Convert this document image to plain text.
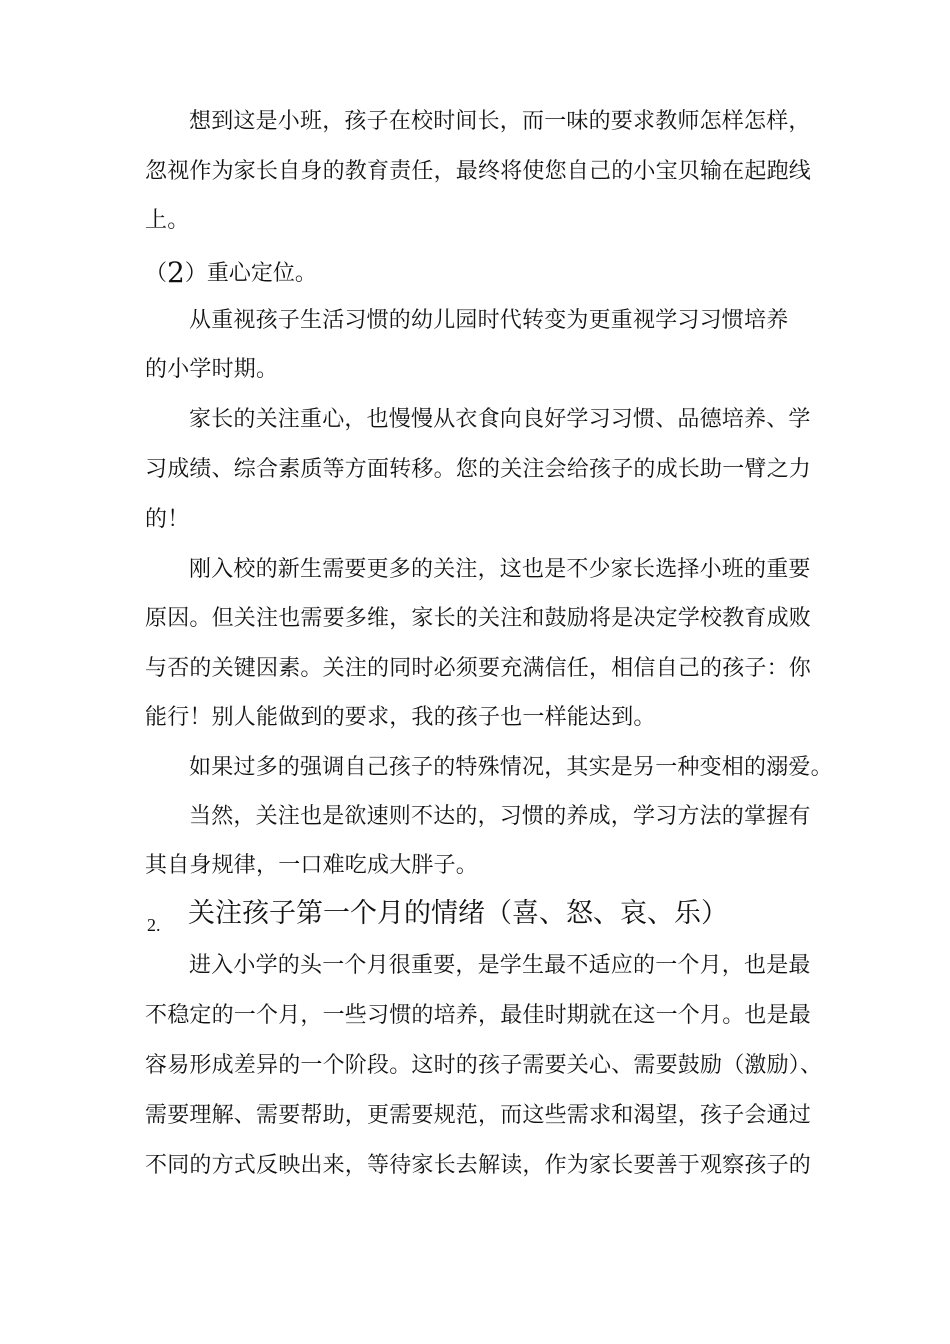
想到这是小班，孩子在校时间长，而一味的要求教师怎样怎样，
忽视作为家长自身的教育责任，最终将使您自己的小宝贝输在起跑线
上。
（2）重心定位。
从重视孩子生活习惯的幼儿园时代转变为更重视学习习惯培养
的小学时期。
家长的关注重心，也慢慢从衣食向良好学习习惯、品德培养、学
习成绩、综合素质等方面转移。您的关注会给孩子的成长助一臂之力
的！
刚入校的新生需要更多的关注，这也是不少家长选择小班的重要
原因。但关注也需要多维，家长的关注和鼓励将是决定学校教育成败
与否的关键因素。关注的同时必须要充满信任，相信自己的孩子：你
能行！别人能做到的要求，我的孩子也一样能达到。
如果过多的强调自己孩子的特殊情况，其实是另一种变相的溺爱。
当然，关注也是欲速则不达的，习惯的养成，学习方法的掌握有
其自身规律，一口难吃成大胖子。
2. 关注孩子第一个月的情绪（喜、怒、哀、乐）
进入小学的头一个月很重要，是学生最不适应的一个月，也是最
不稳定的一个月，一些习惯的培养，最佳时期就在这一个月。也是最
容易形成差异的一个阶段。这时的孩子需要关心、需要鼓励（激励）、
需要理解、需要帮助，更需要规范，而这些需求和渴望，孩子会通过
不同的方式反映出来，等待家长去解读，作为家长要善于观察孩子的
